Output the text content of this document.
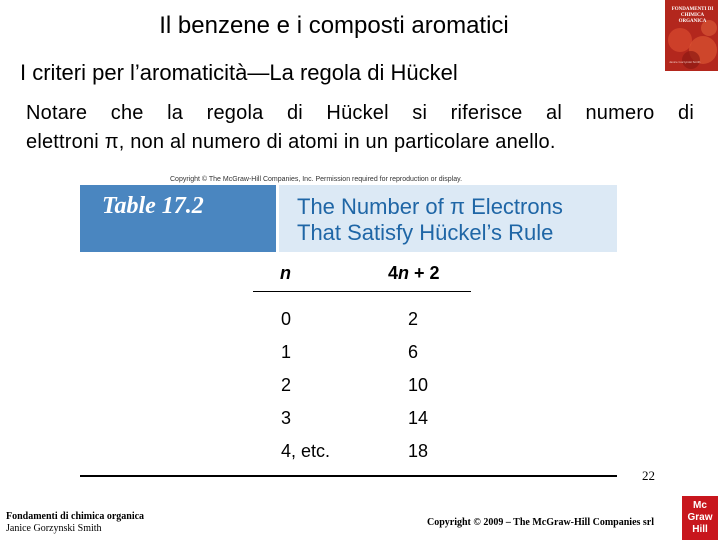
Il benzene e i composti aromatici
I criteri per l’aromaticità—La regola di Hückel
Notare che la regola di Hückel si riferisce al numero di
elettroni π, non al numero di atomi in un particolare anello.
FONDAMENTI DI CHIMICA ORGANICA
Janice Gorzynski Smith
Copyright © The McGraw-Hill Companies, Inc. Permission required for reproduction or display.
Table 17.2	The Number of π Electrons
That Satisfy Hückel’s Rule
n	4n + 2
0	2
1	6
2	10
3	14
4, etc.	18
Fondamenti di chimica organica
Janice Gorzynski Smith
22
Copyright © 2009 – The McGraw-Hill Companies srl
Mc
Graw
Hill
